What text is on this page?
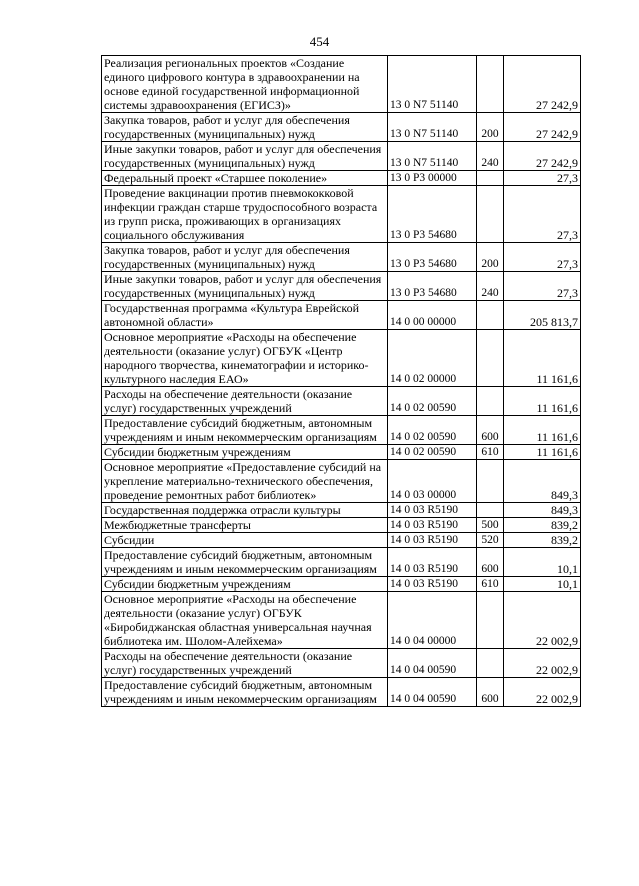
454
Реализация региональных проектов «Создание единого цифрового контура в здравоохранении на основе единой государственной информационной системы здравоохранения (ЕГИСЗ)»	13 0 N7 51140		27 242,9
Закупка товаров, работ и услуг для обеспечения государственных (муниципальных) нужд	13 0 N7 51140	200	27 242,9
Иные закупки товаров, работ и услуг для обеспечения государственных (муниципальных) нужд	13 0 N7 51140	240	27 242,9
Федеральный проект «Старшее поколение»	13 0 P3 00000		27,3
Проведение вакцинации против пневмококковой инфекции граждан старше трудоспособного возраста из групп риска, проживающих в организациях социального обслуживания	13 0 P3 54680		27,3
Закупка товаров, работ и услуг для обеспечения государственных (муниципальных) нужд	13 0 P3 54680	200	27,3
Иные закупки товаров, работ и услуг для обеспечения государственных (муниципальных) нужд	13 0 P3 54680	240	27,3
Государственная программа «Культура Еврейской автономной области»	14 0 00 00000		205 813,7
Основное мероприятие «Расходы на обеспечение деятельности (оказание услуг) ОГБУК «Центр народного творчества, кинематографии и историко-культурного наследия ЕАО»	14 0 02 00000		11 161,6
Расходы на обеспечение деятельности (оказание услуг) государственных учреждений	14 0 02 00590		11 161,6
Предоставление субсидий бюджетным, автономным учреждениям и иным некоммерческим организациям	14 0 02 00590	600	11 161,6
Субсидии бюджетным учреждениям	14 0 02 00590	610	11 161,6
Основное мероприятие «Предоставление субсидий на укрепление материально-технического обеспечения, проведение ремонтных работ библиотек»	14 0 03 00000		849,3
Государственная поддержка отрасли культуры	14 0 03 R5190		849,3
Межбюджетные трансферты	14 0 03 R5190	500	839,2
Субсидии	14 0 03 R5190	520	839,2
Предоставление субсидий бюджетным, автономным учреждениям и иным некоммерческим организациям	14 0 03 R5190	600	10,1
Субсидии бюджетным учреждениям	14 0 03 R5190	610	10,1
Основное мероприятие «Расходы на обеспечение деятельности (оказание услуг) ОГБУК «Биробиджанская областная универсальная научная библиотека им. Шолом-Алейхема»	14 0 04 00000		22 002,9
Расходы на обеспечение деятельности (оказание услуг) государственных учреждений	14 0 04 00590		22 002,9
Предоставление субсидий бюджетным, автономным учреждениям и иным некоммерческим организациям	14 0 04 00590	600	22 002,9
